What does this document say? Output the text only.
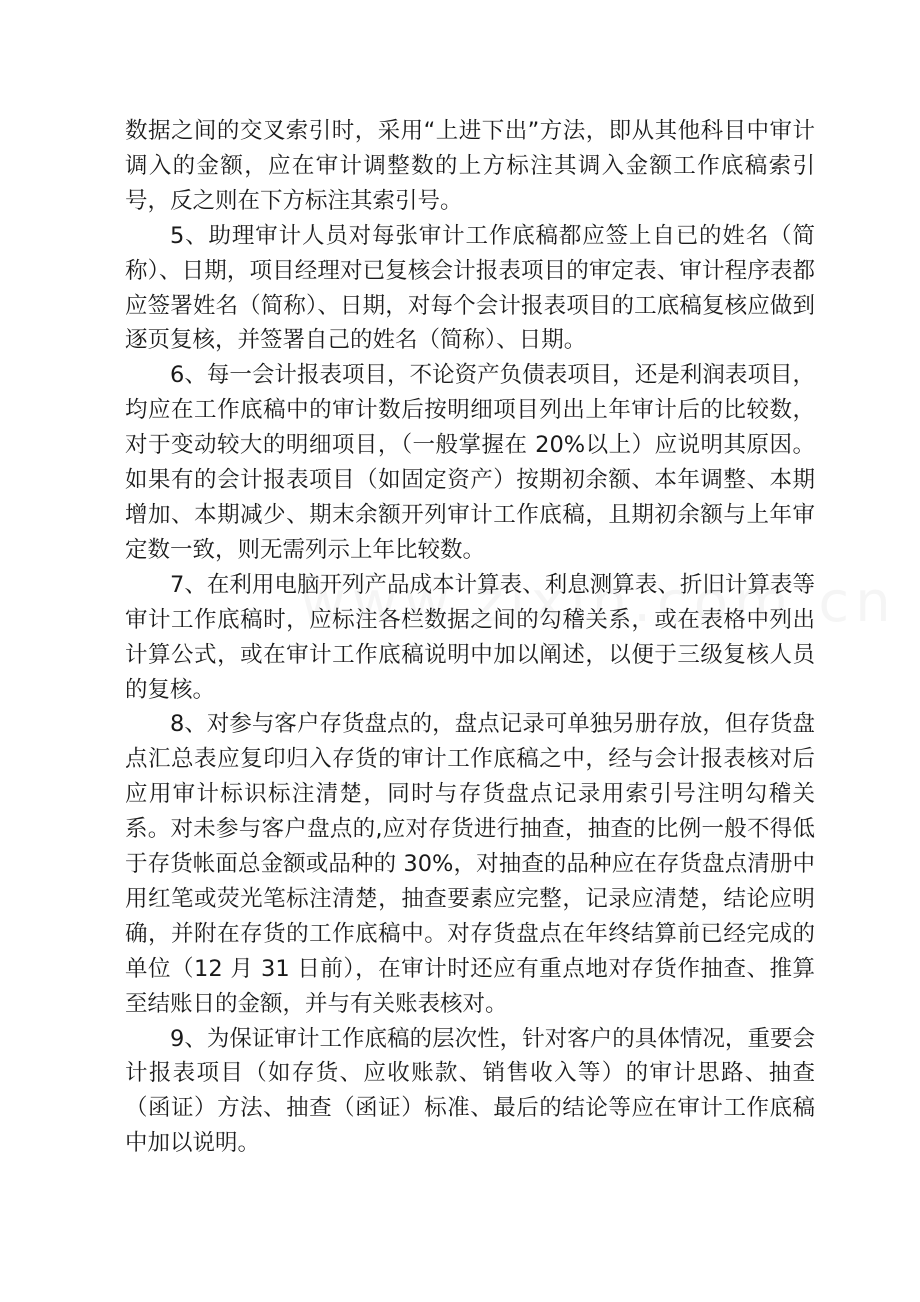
数据之间的交叉索引时，采用“上进下出”方法，即从其他科目中审计调入的金额，应在审计调整数的上方标注其调入金额工作底稿索引号，反之则在下方标注其索引号。

5、助理审计人员对每张审计工作底稿都应签上自已的姓名（简称）、日期，项目经理对已复核会计报表项目的审定表、审计程序表都应签署姓名（简称）、日期，对每个会计报表项目的工底稿复核应做到逐页复核，并签署自己的姓名（简称）、日期。

6、每一会计报表项目，不论资产负债表项目，还是利润表项目，均应在工作底稿中的审计数后按明细项目列出上年审计后的比较数，对于变动较大的明细项目，（一般掌握在 20%以上）应说明其原因。如果有的会计报表项目（如固定资产）按期初余额、本年调整、本期增加、本期减少、期末余额开列审计工作底稿，且期初余额与上年审定数一致，则无需列示上年比较数。

7、在利用电脑开列产品成本计算表、利息测算表、折旧计算表等审计工作底稿时，应标注各栏数据之间的勾稽关系，或在表格中列出计算公式，或在审计工作底稿说明中加以阐述，以便于三级复核人员的复核。

8、对参与客户存货盘点的，盘点记录可单独另册存放，但存货盘点汇总表应复印归入存货的审计工作底稿之中，经与会计报表核对后应用审计标识标注清楚，同时与存货盘点记录用索引号注明勾稽关系。对未参与客户盘点的,应对存货进行抽查，抽查的比例一般不得低于存货帐面总金额或品种的 30%，对抽查的品种应在存货盘点清册中用红笔或荧光笔标注清楚，抽查要素应完整，记录应清楚，结论应明确，并附在存货的工作底稿中。对存货盘点在年终结算前已经完成的单位（12 月 31 日前），在审计时还应有重点地对存货作抽查、推算至结账日的金额，并与有关账表核对。

9、为保证审计工作底稿的层次性，针对客户的具体情况，重要会计报表项目（如存货、应收账款、销售收入等）的审计思路、抽查（函证）方法、抽查（函证）标准、最后的结论等应在审计工作底稿中加以说明。
